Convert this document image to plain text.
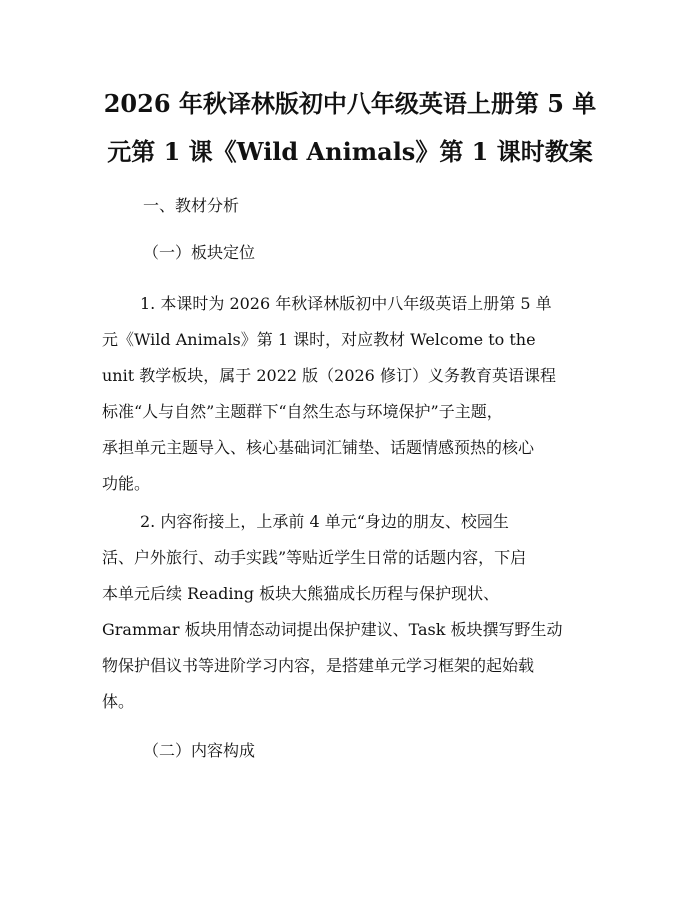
2026 年秋译林版初中八年级英语上册第 5 单
元第 1 课《Wild Animals》第 1 课时教案

一、教材分析

（一）板块定位

1. 本课时为 2026 年秋译林版初中八年级英语上册第 5 单
元《Wild Animals》第 1 课时，对应教材 Welcome to the
unit 教学板块，属于 2022 版（2026 修订）义务教育英语课程
标准“人与自然”主题群下“自然生态与环境保护”子主题，
承担单元主题导入、核心基础词汇铺垫、话题情感预热的核心
功能。
2. 内容衔接上，上承前 4 单元“身边的朋友、校园生
活、户外旅行、动手实践”等贴近学生日常的话题内容，下启
本单元后续 Reading 板块大熊猫成长历程与保护现状、
Grammar 板块用情态动词提出保护建议、Task 板块撰写野生动
物保护倡议书等进阶学习内容，是搭建单元学习框架的起始载
体。

（二）内容构成
